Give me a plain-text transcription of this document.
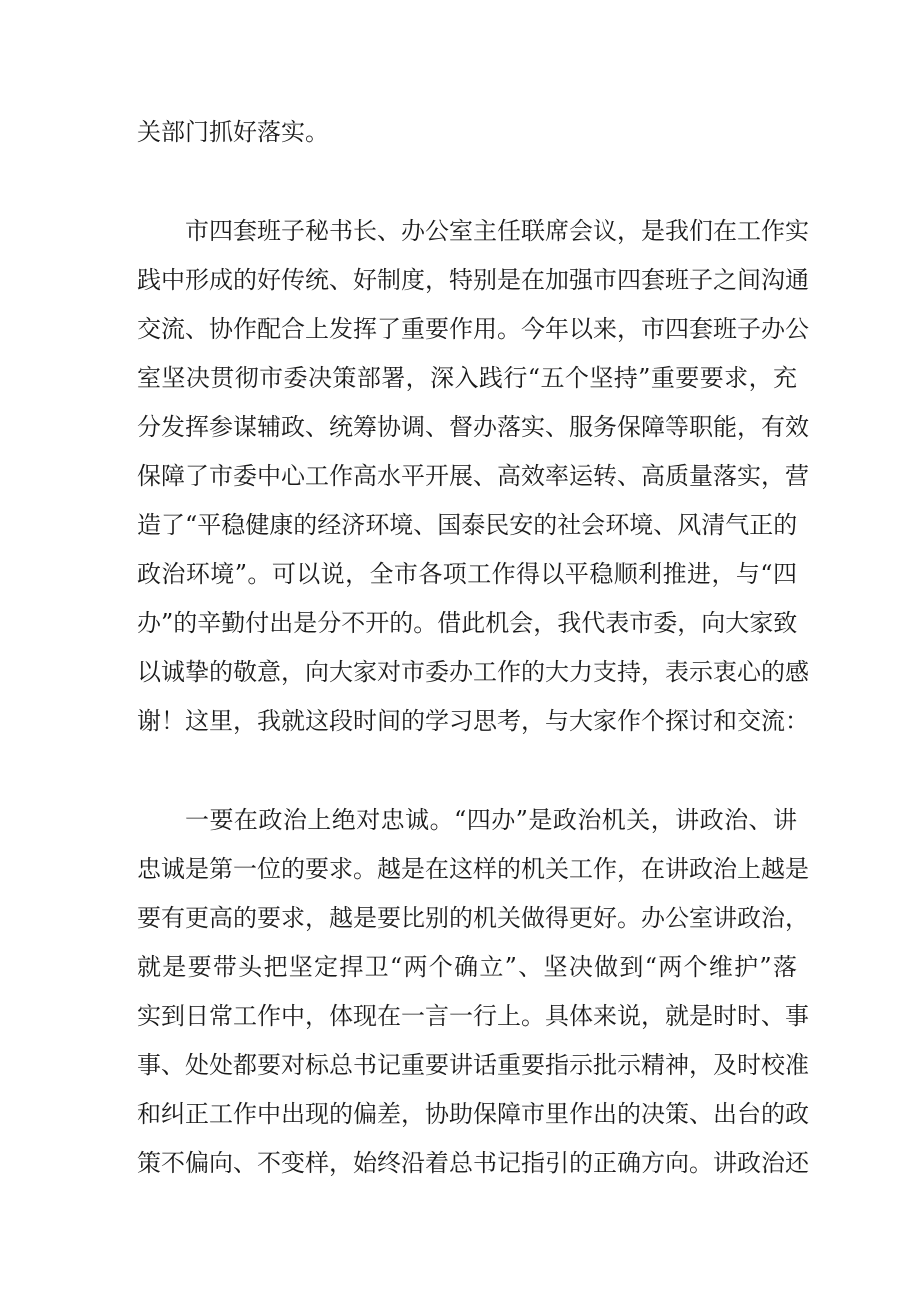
关部门抓好落实。
市四套班子秘书长、办公室主任联席会议，是我们在工作实
践中形成的好传统、好制度，特别是在加强市四套班子之间沟通
交流、协作配合上发挥了重要作用。今年以来，市四套班子办公
室坚决贯彻市委决策部署，深入践行“五个坚持”重要要求，充
分发挥参谋辅政、统筹协调、督办落实、服务保障等职能，有效
保障了市委中心工作高水平开展、高效率运转、高质量落实，营
造了“平稳健康的经济环境、国泰民安的社会环境、风清气正的
政治环境”。可以说，全市各项工作得以平稳顺利推进，与“四
办”的辛勤付出是分不开的。借此机会，我代表市委，向大家致
以诚挚的敬意，向大家对市委办工作的大力支持，表示衷心的感
谢！这里，我就这段时间的学习思考，与大家作个探讨和交流：
一要在政治上绝对忠诚。“四办”是政治机关，讲政治、讲
忠诚是第一位的要求。越是在这样的机关工作，在讲政治上越是
要有更高的要求，越是要比别的机关做得更好。办公室讲政治，
就是要带头把坚定捍卫“两个确立”、坚决做到“两个维护”落
实到日常工作中，体现在一言一行上。具体来说，就是时时、事
事、处处都要对标总书记重要讲话重要指示批示精神，及时校准
和纠正工作中出现的偏差，协助保障市里作出的决策、出台的政
策不偏向、不变样，始终沿着总书记指引的正确方向。讲政治还
